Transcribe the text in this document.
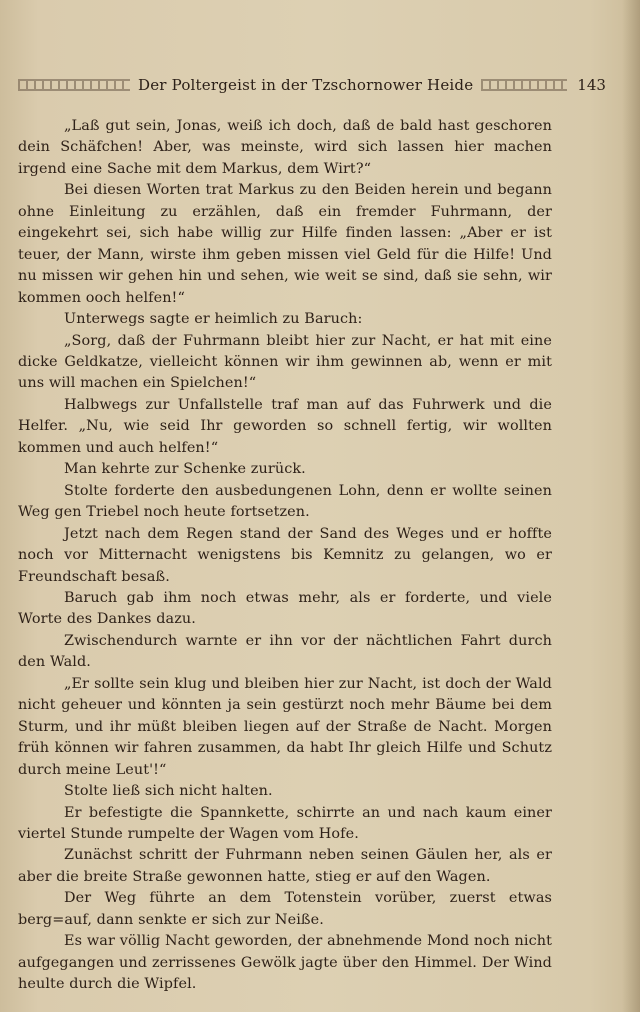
Der Poltergeist in der Tzschornower Heide	143

„Laß gut sein, Jonas, weiß ich doch, daß de bald hast geschoren dein Schäfchen! Aber, was meinste, wird sich lassen hier machen irgend eine Sache mit dem Markus, dem Wirt?“

Bei diesen Worten trat Markus zu den Beiden herein und begann ohne Einleitung zu erzählen, daß ein fremder Fuhrmann, der eingekehrt sei, sich habe willig zur Hilfe finden lassen: „Aber er ist teuer, der Mann, wirste ihm geben missen viel Geld für die Hilfe! Und nu missen wir gehen hin und sehen, wie weit se sind, daß sie sehn, wir kommen ooch helfen!“

Unterwegs sagte er heimlich zu Baruch:

„Sorg, daß der Fuhrmann bleibt hier zur Nacht, er hat mit eine dicke Geldkatze, vielleicht können wir ihm gewinnen ab, wenn er mit uns will machen ein Spielchen!“

Halbwegs zur Unfallstelle traf man auf das Fuhrwerk und die Helfer. „Nu, wie seid Ihr geworden so schnell fertig, wir wollten kommen und auch helfen!“

Man kehrte zur Schenke zurück.

Stolte forderte den ausbedungenen Lohn, denn er wollte seinen Weg gen Triebel noch heute fortsetzen.

Jetzt nach dem Regen stand der Sand des Weges und er hoffte noch vor Mitternacht wenigstens bis Kemnitz zu gelangen, wo er Freundschaft besaß.

Baruch gab ihm noch etwas mehr, als er forderte, und viele Worte des Dankes dazu.

Zwischendurch warnte er ihn vor der nächtlichen Fahrt durch den Wald.

„Er sollte sein klug und bleiben hier zur Nacht, ist doch der Wald nicht geheuer und könnten ja sein gestürzt noch mehr Bäume bei dem Sturm, und ihr müßt bleiben liegen auf der Straße de Nacht. Morgen früh können wir fahren zusammen, da habt Ihr gleich Hilfe und Schutz durch meine Leut'!“

Stolte ließ sich nicht halten.

Er befestigte die Spannkette, schirrte an und nach kaum einer viertel Stunde rumpelte der Wagen vom Hofe.

Zunächst schritt der Fuhrmann neben seinen Gäulen her, als er aber die breite Straße gewonnen hatte, stieg er auf den Wagen.

Der Weg führte an dem Totenstein vorüber, zuerst etwas berg=auf, dann senkte er sich zur Neiße.

Es war völlig Nacht geworden, der abnehmende Mond noch nicht aufgegangen und zerrissenes Gewölk jagte über den Himmel. Der Wind heulte durch die Wipfel.
